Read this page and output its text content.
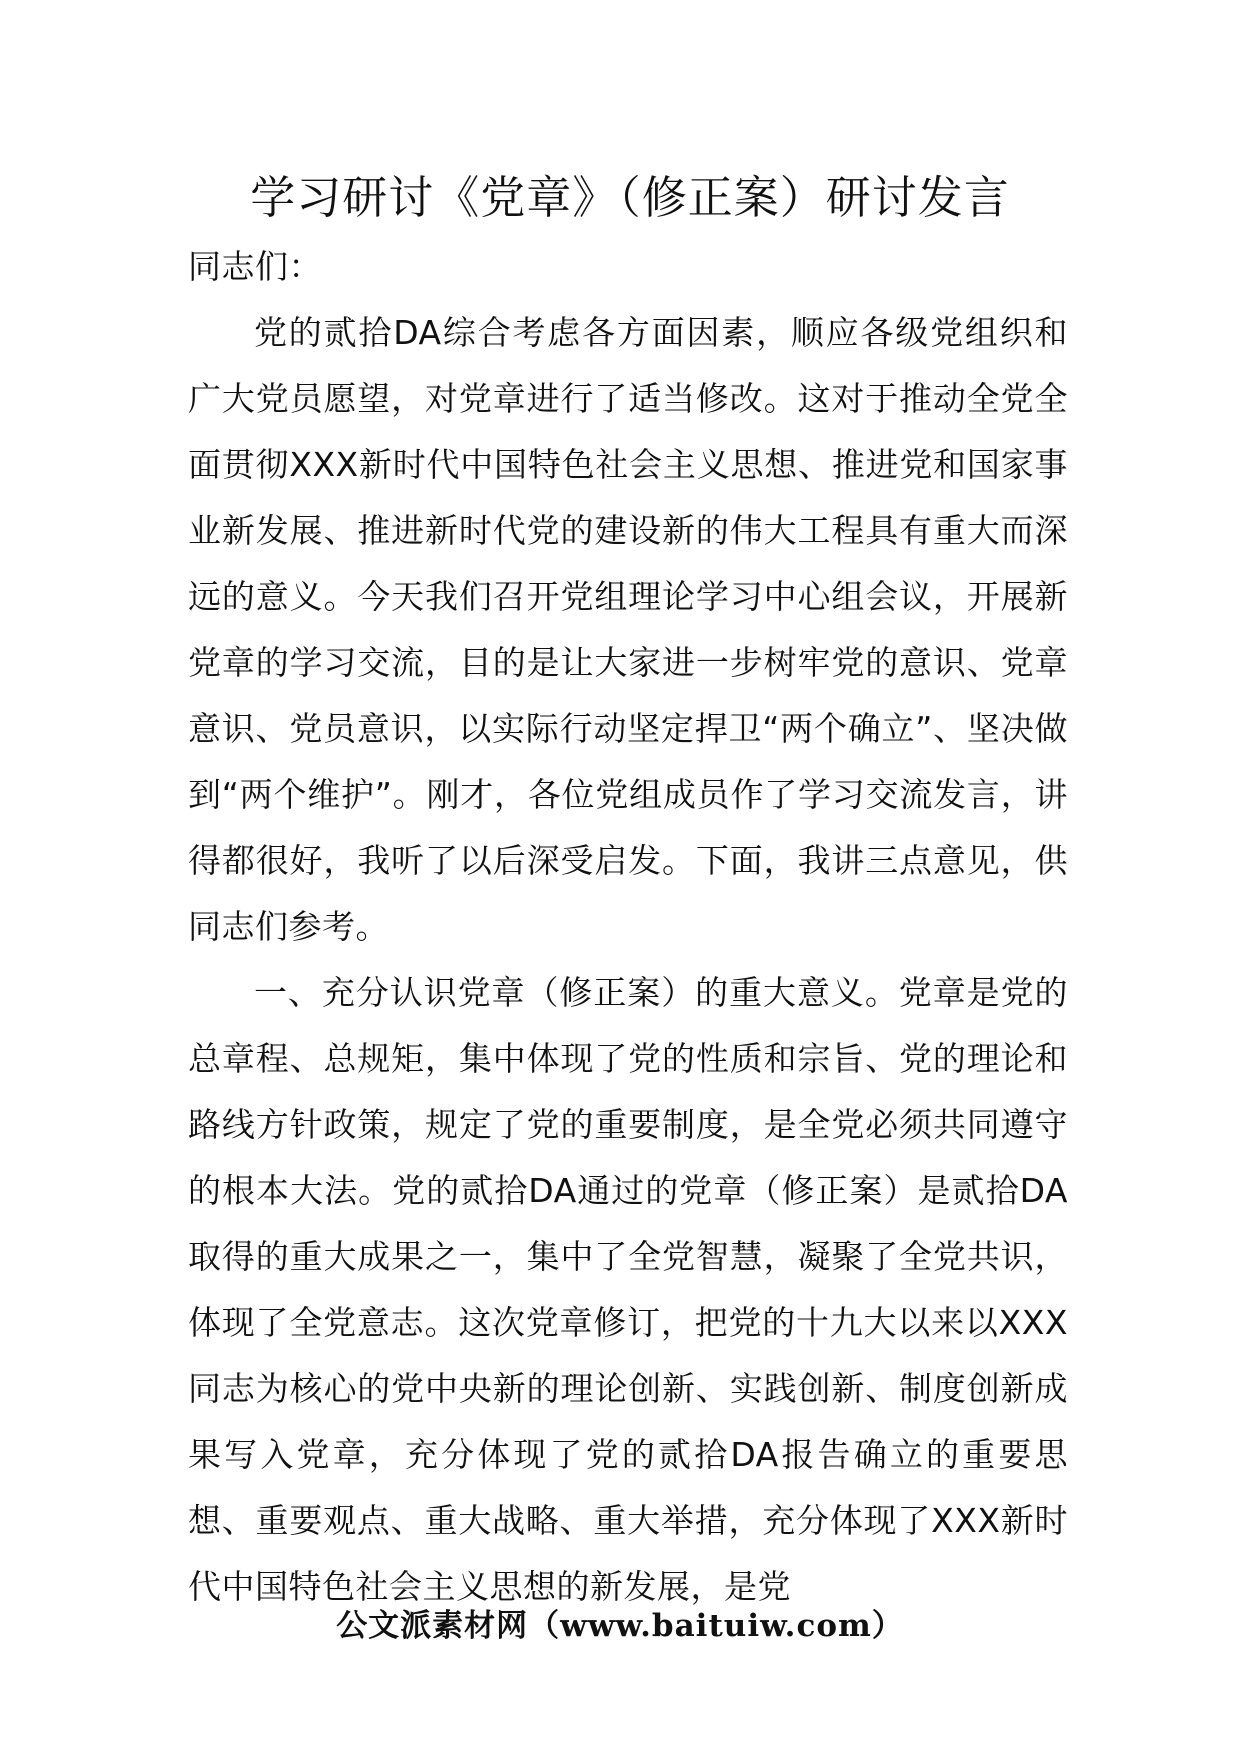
学习研讨《党章》（修正案）研讨发言

同志们：

党的贰拾DA综合考虑各方面因素，顺应各级党组织和广大党员愿望，对党章进行了适当修改。这对于推动全党全面贯彻XXX新时代中国特色社会主义思想、推进党和国家事业新发展、推进新时代党的建设新的伟大工程具有重大而深远的意义。今天我们召开党组理论学习中心组会议，开展新党章的学习交流，目的是让大家进一步树牢党的意识、党章意识、党员意识，以实际行动坚定捍卫“两个确立”、坚决做到“两个维护”。刚才，各位党组成员作了学习交流发言，讲得都很好，我听了以后深受启发。下面，我讲三点意见，供同志们参考。

一、充分认识党章（修正案）的重大意义。党章是党的总章程、总规矩，集中体现了党的性质和宗旨、党的理论和路线方针政策，规定了党的重要制度，是全党必须共同遵守的根本大法。党的贰拾DA通过的党章（修正案）是贰拾DA取得的重大成果之一，集中了全党智慧，凝聚了全党共识，体现了全党意志。这次党章修订，把党的十九大以来以XXX同志为核心的党中央新的理论创新、实践创新、制度创新成果写入党章，充分体现了党的贰拾DA报告确立的重要思想、重要观点、重大战略、重大举措，充分体现了XXX新时代中国特色社会主义思想的新发展，是党

公文派素材网（www.baituiw.com）
